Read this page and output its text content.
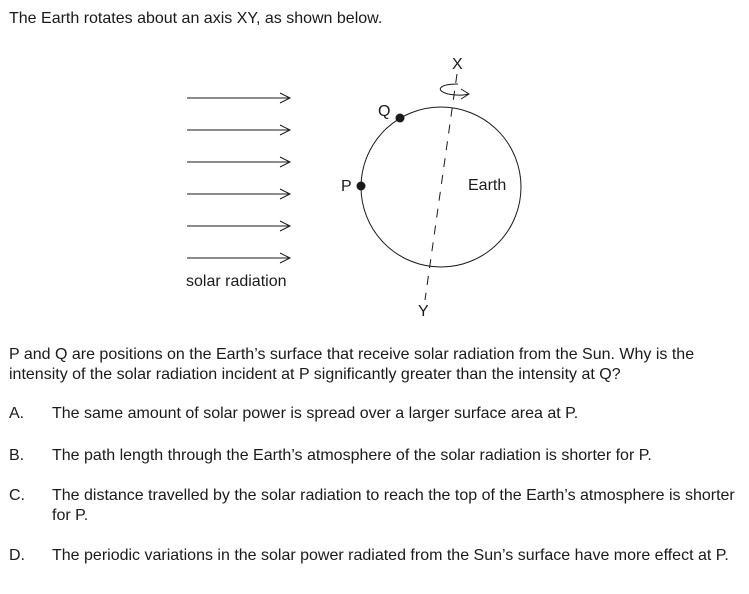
The Earth rotates about an axis XY, as shown below.
X
Y
P
Q
Earth
solar radiation
P and Q are positions on the Earth’s surface that receive solar radiation from the Sun. Why is the intensity of the solar radiation incident at P significantly greater than the intensity at Q?
A. The same amount of solar power is spread over a larger surface area at P.
B. The path length through the Earth’s atmosphere of the solar radiation is shorter for P.
C. The distance travelled by the solar radiation to reach the top of the Earth’s atmosphere is shorter for P.
D. The periodic variations in the solar power radiated from the Sun’s surface have more effect at P.
